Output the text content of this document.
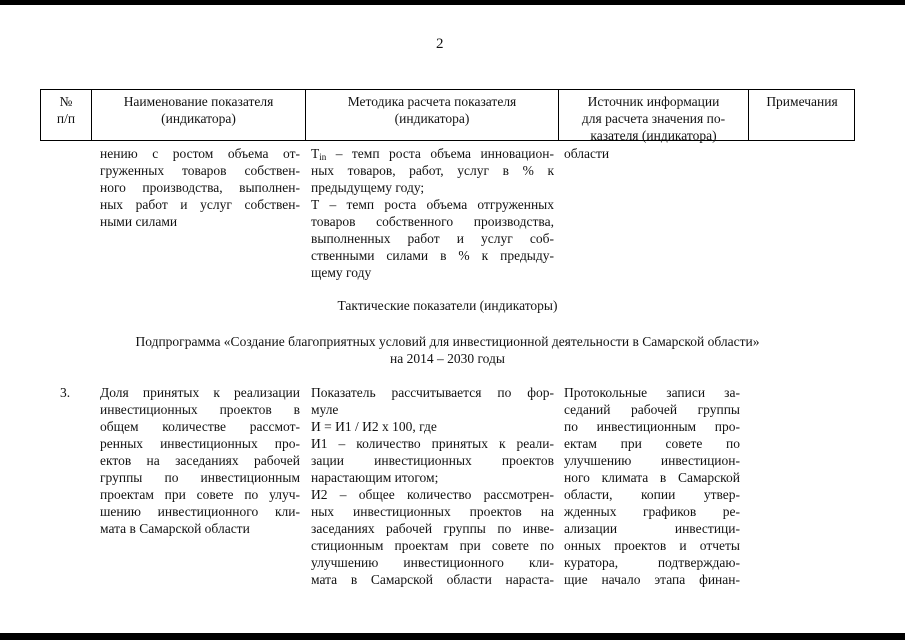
2
№
п/п
Наименование показателя
(индикатора)
Методика расчета показателя
(индикатора)
Источник информации
для расчета значения по-
казателя (индикатора)
Примечания
нению с ростом объема от-
груженных товаров собствен-
ного производства, выполнен-
ных работ и услуг собствен-
ными силами
Tin – темп роста объема инновацион-
ных товаров, работ, услуг в % к
предыдущему году;
Т – темп роста объема отгруженных
товаров собственного производства,
выполненных работ и услуг соб-
ственными силами в % к предыду-
щему году
области
Тактические показатели (индикаторы)
Подпрограмма «Создание благоприятных условий для инвестиционной деятельности в Самарской области»
на 2014 – 2030 годы
3. Доля принятых к реализации
инвестиционных проектов в
общем количестве рассмот-
ренных инвестиционных про-
ектов на заседаниях рабочей
группы по инвестиционным
проектам при совете по улуч-
шению инвестиционного кли-
мата в Самарской области
Показатель рассчитывается по фор-
муле
И = И1 / И2 х 100, где
И1 – количество принятых к реали-
зации инвестиционных проектов
нарастающим итогом;
И2 – общее количество рассмотрен-
ных инвестиционных проектов на
заседаниях рабочей группы по инве-
стиционным проектам при совете по
улучшению инвестиционного кли-
мата в Самарской области нараста-
Протокольные записи за-
седаний рабочей группы
по инвестиционным про-
ектам при совете по
улучшению инвестицион-
ного климата в Самарской
области, копии утвер-
жденных графиков ре-
ализации инвестици-
онных проектов и отчеты
куратора, подтверждаю-
щие начало этапа финан-
